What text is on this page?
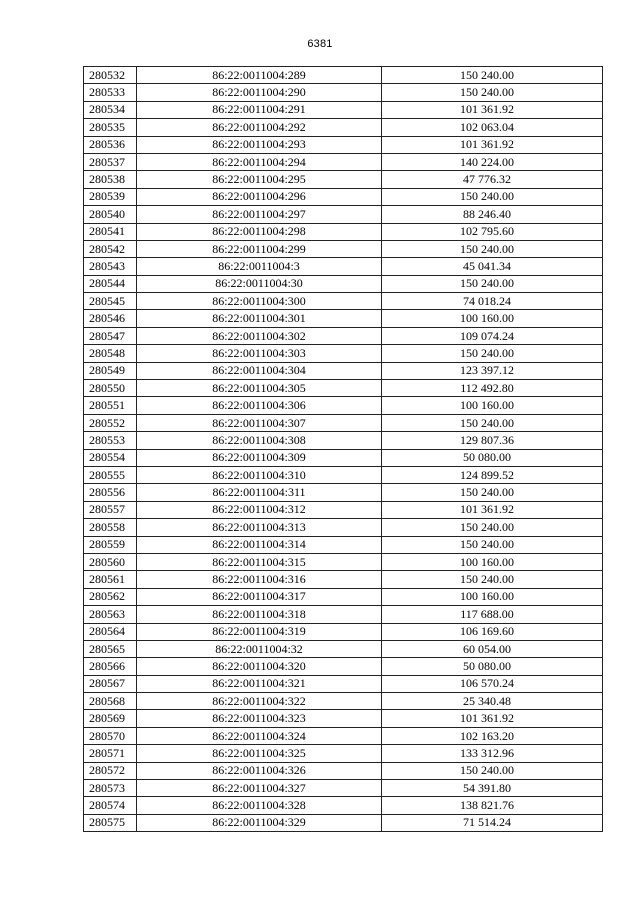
6381
280532	86:22:0011004:289	150 240.00
280533	86:22:0011004:290	150 240.00
280534	86:22:0011004:291	101 361.92
280535	86:22:0011004:292	102 063.04
280536	86:22:0011004:293	101 361.92
280537	86:22:0011004:294	140 224.00
280538	86:22:0011004:295	47 776.32
280539	86:22:0011004:296	150 240.00
280540	86:22:0011004:297	88 246.40
280541	86:22:0011004:298	102 795.60
280542	86:22:0011004:299	150 240.00
280543	86:22:0011004:3	45 041.34
280544	86:22:0011004:30	150 240.00
280545	86:22:0011004:300	74 018.24
280546	86:22:0011004:301	100 160.00
280547	86:22:0011004:302	109 074.24
280548	86:22:0011004:303	150 240.00
280549	86:22:0011004:304	123 397.12
280550	86:22:0011004:305	112 492.80
280551	86:22:0011004:306	100 160.00
280552	86:22:0011004:307	150 240.00
280553	86:22:0011004:308	129 807.36
280554	86:22:0011004:309	50 080.00
280555	86:22:0011004:310	124 899.52
280556	86:22:0011004:311	150 240.00
280557	86:22:0011004:312	101 361.92
280558	86:22:0011004:313	150 240.00
280559	86:22:0011004:314	150 240.00
280560	86:22:0011004:315	100 160.00
280561	86:22:0011004:316	150 240.00
280562	86:22:0011004:317	100 160.00
280563	86:22:0011004:318	117 688.00
280564	86:22:0011004:319	106 169.60
280565	86:22:0011004:32	60 054.00
280566	86:22:0011004:320	50 080.00
280567	86:22:0011004:321	106 570.24
280568	86:22:0011004:322	25 340.48
280569	86:22:0011004:323	101 361.92
280570	86:22:0011004:324	102 163.20
280571	86:22:0011004:325	133 312.96
280572	86:22:0011004:326	150 240.00
280573	86:22:0011004:327	54 391.80
280574	86:22:0011004:328	138 821.76
280575	86:22:0011004:329	71 514.24
